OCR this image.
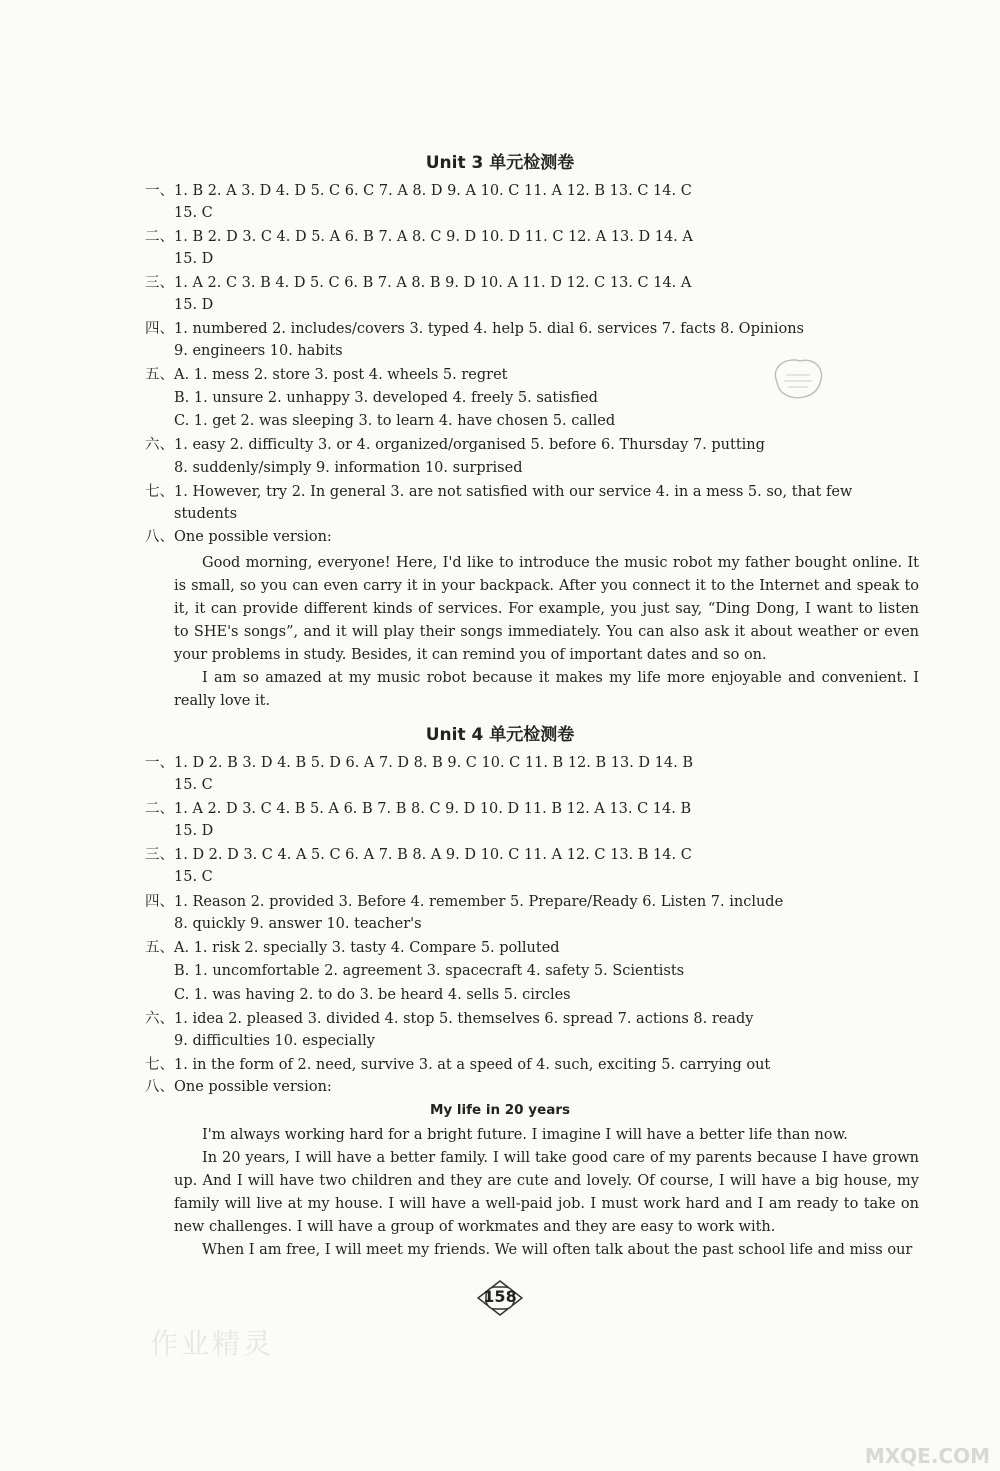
Unit 3 单元检测卷
一、1. B 2. A 3. D 4. D 5. C 6. C 7. A 8. D 9. A 10. C 11. A 12. B 13. C 14. C
15. C
二、1. B 2. D 3. C 4. D 5. A 6. B 7. A 8. C 9. D 10. D 11. C 12. A 13. D 14. A
15. D
三、1. A 2. C 3. B 4. D 5. C 6. B 7. A 8. B 9. D 10. A 11. D 12. C 13. C 14. A
15. D
四、1. numbered 2. includes/covers 3. typed 4. help 5. dial 6. services 7. facts 8. Opinions
9. engineers 10. habits
五、A. 1. mess 2. store 3. post 4. wheels 5. regret
B. 1. unsure 2. unhappy 3. developed 4. freely 5. satisfied
C. 1. get 2. was sleeping 3. to learn 4. have chosen 5. called
六、1. easy 2. difficulty 3. or 4. organized/organised 5. before 6. Thursday 7. putting
8. suddenly/simply 9. information 10. surprised
七、1. However, try 2. In general 3. are not satisfied with our service 4. in a mess 5. so, that few
students
八、One possible version:

Good morning, everyone! Here, I'd like to introduce the music robot my father bought online. It is small, so you can even carry it in your backpack. After you connect it to the Internet and speak to it, it can provide different kinds of services. For example, you just say, “Ding Dong, I want to listen to SHE's songs”, and it will play their songs immediately. You can also ask it about weather or even your problems in study. Besides, it can remind you of important dates and so on.

I am so amazed at my music robot because it makes my life more enjoyable and convenient. I really love it.

Unit 4 单元检测卷
一、1. D 2. B 3. D 4. B 5. D 6. A 7. D 8. B 9. C 10. C 11. B 12. B 13. D 14. B
15. C
二、1. A 2. D 3. C 4. B 5. A 6. B 7. B 8. C 9. D 10. D 11. B 12. A 13. C 14. B
15. D
三、1. D 2. D 3. C 4. A 5. C 6. A 7. B 8. A 9. D 10. C 11. A 12. C 13. B 14. C
15. C
四、1. Reason 2. provided 3. Before 4. remember 5. Prepare/Ready 6. Listen 7. include
8. quickly 9. answer 10. teacher's
五、A. 1. risk 2. specially 3. tasty 4. Compare 5. polluted
B. 1. uncomfortable 2. agreement 3. spacecraft 4. safety 5. Scientists
C. 1. was having 2. to do 3. be heard 4. sells 5. circles
六、1. idea 2. pleased 3. divided 4. stop 5. themselves 6. spread 7. actions 8. ready
9. difficulties 10. especially
七、1. in the form of 2. need, survive 3. at a speed of 4. such, exciting 5. carrying out
八、One possible version:
My life in 20 years

I'm always working hard for a bright future. I imagine I will have a better life than now.

In 20 years, I will have a better family. I will take good care of my parents because I have grown up. And I will have two children and they are cute and lovely. Of course, I will have a big house, my family will live at my house. I will have a well-paid job. I must work hard and I am ready to take on new challenges. I will have a group of workmates and they are easy to work with.

When I am free, I will meet my friends. We will often talk about the past school life and miss our

158
作业精灵
MXQE.COM
